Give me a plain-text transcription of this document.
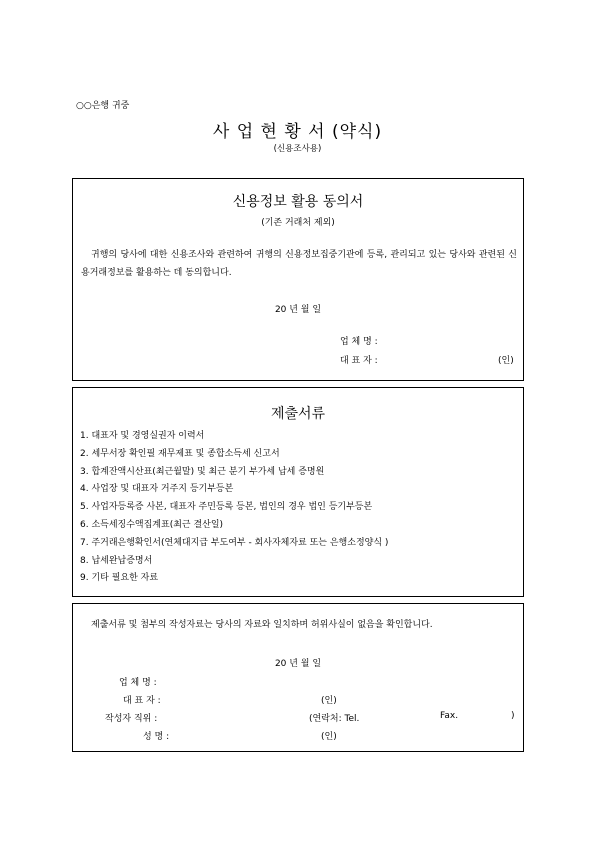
○○은행 귀중
사 업 현 황 서 (약식)
(신용조사용)
신용정보 활용 동의서
(기존 거래처 제외)
귀행의 당사에 대한 신용조사와 관련하여 귀행의 신용정보집중기관에 등록, 관리되고 있는 당사와 관련된 신용거래정보를 활용하는 데 동의합니다.
20 년 월 일
업 체 명 :
대 표 자 :	(인)
제출서류
1. 대표자 및 경영실권자 이력서
2. 세무서장 확인필 재무제표 및 종합소득세 신고서
3. 합계잔액시산표(최근월말) 및 최근 분기 부가세 납세 증명원
4. 사업장 및 대표자 거주지 등기부등본
5. 사업자등록증 사본, 대표자 주민등록 등본, 법인의 경우 법인 등기부등본
6. 소득세징수액집계표(최근 결산일)
7. 주거래은행확인서(연체대지급 부도여부 - 회사자체자료 또는 은행소정양식 )
8. 납세완납증명서
9. 기타 필요한 자료
제출서류 및 첨부의 작성자료는 당사의 자료와 일치하며 허위사실이 없음을 확인합니다.
20 년 월 일
업 체 명 :
대 표 자 :	(인)
작성자 직위 :	(연락처: Tel.	Fax.	)
성 명 :	(인)
